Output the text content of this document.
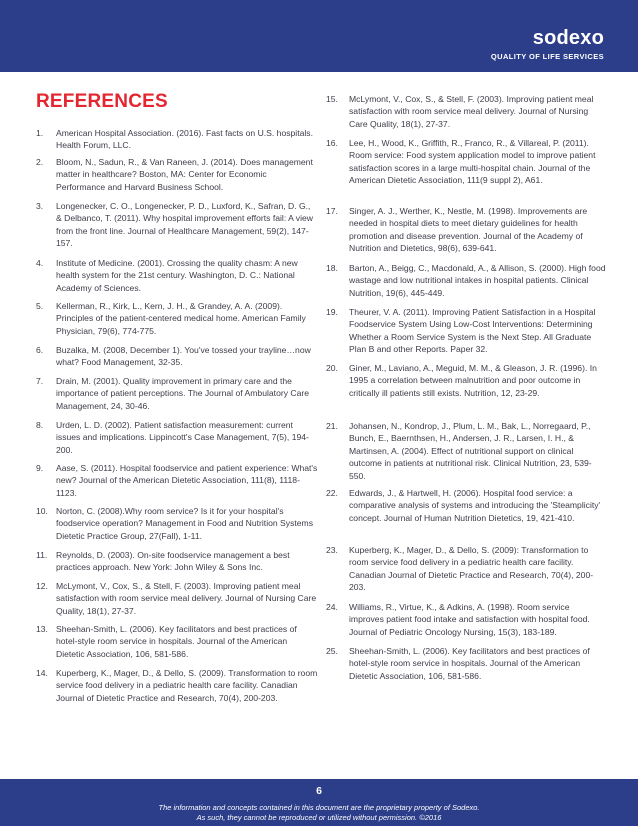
sodexo
QUALITY OF LIFE SERVICES
REFERENCES
1. American Hospital Association. (2016). Fast facts on U.S. hospitals. Health Forum, LLC.
2. Bloom, N., Sadun, R., & Van Raneen, J. (2014). Does management matter in healthcare? Boston, MA: Center for Economic Performance and Harvard Business School.
3. Longenecker, C. O., Longenecker, P. D., Luxford, K., Safran, D. G., & Delbanco, T. (2011). Why hospital improvement efforts fail: A view from the front line. Journal of Healthcare Management, 59(2), 147-157.
4. Institute of Medicine. (2001). Crossing the quality chasm: A new health system for the 21st century. Washington, D. C.: National Academy of Sciences.
5. Kellerman, R., Kirk, L., Kern, J. H., & Grandey, A. A. (2009). Principles of the patient-centered medical home. American Family Physician, 79(6), 774-775.
6. Buzalka, M. (2008, December 1). You've tossed your trayline…now what? Food Management, 32-35.
7. Drain, M. (2001). Quality improvement in primary care and the importance of patient perceptions. The Journal of Ambulatory Care Management, 24, 30-46.
8. Urden, L. D. (2002). Patient satisfaction measurement: current issues and implications. Lippincott's Case Management, 7(5), 194-200.
9. Aase, S. (2011). Hospital foodservice and patient experience: What's new? Journal of the American Dietetic Association, 111(8), 1118-1123.
10. Norton, C. (2008).Why room service? Is it for your hospital's foodservice operation? Management in Food and Nutrition Systems Dietetic Practice Group, 27(Fall), 1-11.
11. Reynolds, D. (2003). On-site foodservice management a best practices approach. New York: John Wiley & Sons Inc.
12. McLymont, V., Cox, S., & Stell, F. (2003). Improving patient meal satisfaction with room service meal delivery. Journal of Nursing Care Quality, 18(1), 27-37.
13. Sheehan-Smith, L. (2006). Key facilitators and best practices of hotel-style room service in hospitals. Journal of the American Dietetic Association, 106, 581-586.
14. Kuperberg, K., Mager, D., & Dello, S. (2009). Transformation to room service food delivery in a pediatric health care facility. Canadian Journal of Dietetic Practice and Research, 70(4), 200-203.
15. McLymont, V., Cox, S., & Stell, F. (2003). Improving patient meal satisfaction with room service meal delivery. Journal of Nursing Care Quality, 18(1), 27-37.
16. Lee, H., Wood, K., Griffith, R., Franco, R., & Villareal, P. (2011). Room service: Food system application model to improve patient satisfaction scores in a large multi-hospital chain. Journal of the American Dietetic Association, 111(9 suppl 2), A61.
17. Singer, A. J., Werther, K., Nestle, M. (1998). Improvements are needed in hospital diets to meet dietary guidelines for health promotion and disease prevention. Journal of the Academy of Nutrition and Dietetics, 98(6), 639-641.
18. Barton, A., Beigg, C., Macdonald, A., & Allison, S. (2000). High food wastage and low nutritional intakes in hospital patients. Clinical Nutrition, 19(6), 445-449.
19. Theurer, V. A. (2011). Improving Patient Satisfaction in a Hospital Foodservice System Using Low-Cost Interventions: Determining Whether a Room Service System is the Next Step. All Graduate Plan B and other Reports. Paper 32.
20. Giner, M., Laviano, A., Meguid, M. M., & Gleason, J. R. (1996). In 1995 a correlation between malnutrition and poor outcome in critically ill patients still exists. Nutrition, 12, 23-29.
21. Johansen, N., Kondrop, J., Plum, L. M., Bak, L., Norregaard, P., Bunch, E., Baernthsen, H., Andersen, J. R., Larsen, I. H., & Martinsen, A. (2004). Effect of nutritional support on clinical outcome in patients at nutritional risk. Clinical Nutrition, 23, 539-550.
22. Edwards, J., & Hartwell, H. (2006). Hospital food service: a comparative analysis of systems and introducing the 'Steamplicity' concept. Journal of Human Nutrition Dietetics, 19, 421-410.
23. Kuperberg, K., Mager, D., & Dello, S. (2009): Transformation to room service food delivery in a pediatric health care facility. Canadian Journal of Dietetic Practice and Research, 70(4), 200-203.
24. Williams, R., Virtue, K., & Adkins, A. (1998). Room service improves patient food intake and satisfaction with hospital food. Journal of Pediatric Oncology Nursing, 15(3), 183-189.
25. Sheehan-Smith, L. (2006). Key facilitators and best practices of hotel-style room service in hospitals. Journal of the American Dietetic Association, 106, 581-586.
6
The information and concepts contained in this document are the proprietary property of Sodexo.
As such, they cannot be reproduced or utilized without permission. ©2016
